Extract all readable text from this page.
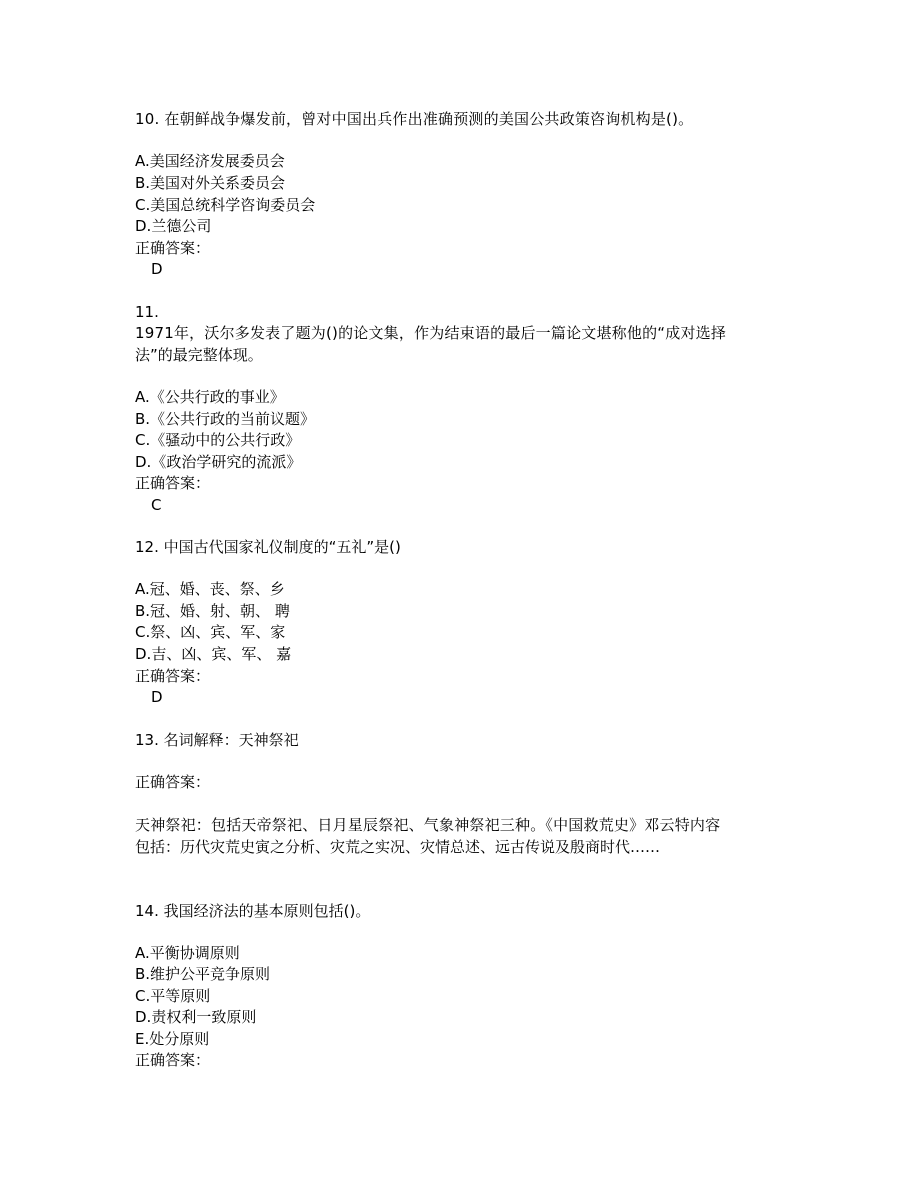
10. 在朝鲜战争爆发前，曾对中国出兵作出准确预测的美国公共政策咨询机构是()。
A.美国经济发展委员会
B.美国对外关系委员会
C.美国总统科学咨询委员会
D.兰德公司
正确答案：
D
11.
1971年，沃尔多发表了题为()的论文集，作为结束语的最后一篇论文堪称他的“成对选择
法”的最完整体现。
A.《公共行政的事业》
B.《公共行政的当前议题》
C.《骚动中的公共行政》
D.《政治学研究的流派》
正确答案：
C
12. 中国古代国家礼仪制度的“五礼”是()
A.冠、婚、丧、祭、乡
B.冠、婚、射、朝、 聘
C.祭、凶、宾、军、家
D.吉、凶、宾、军、 嘉
正确答案：
D
13. 名词解释：天神祭祀
正确答案：
天神祭祀：包括天帝祭祀、日月星辰祭祀、气象神祭祀三种。《中国救荒史》邓云特内容
包括：历代灾荒史寅之分析、灾荒之实况、灾情总述、远古传说及殷商时代……
14. 我国经济法的基本原则包括()。
A.平衡协调原则
B.维护公平竞争原则
C.平等原则
D.责权利一致原则
E.处分原则
正确答案：
